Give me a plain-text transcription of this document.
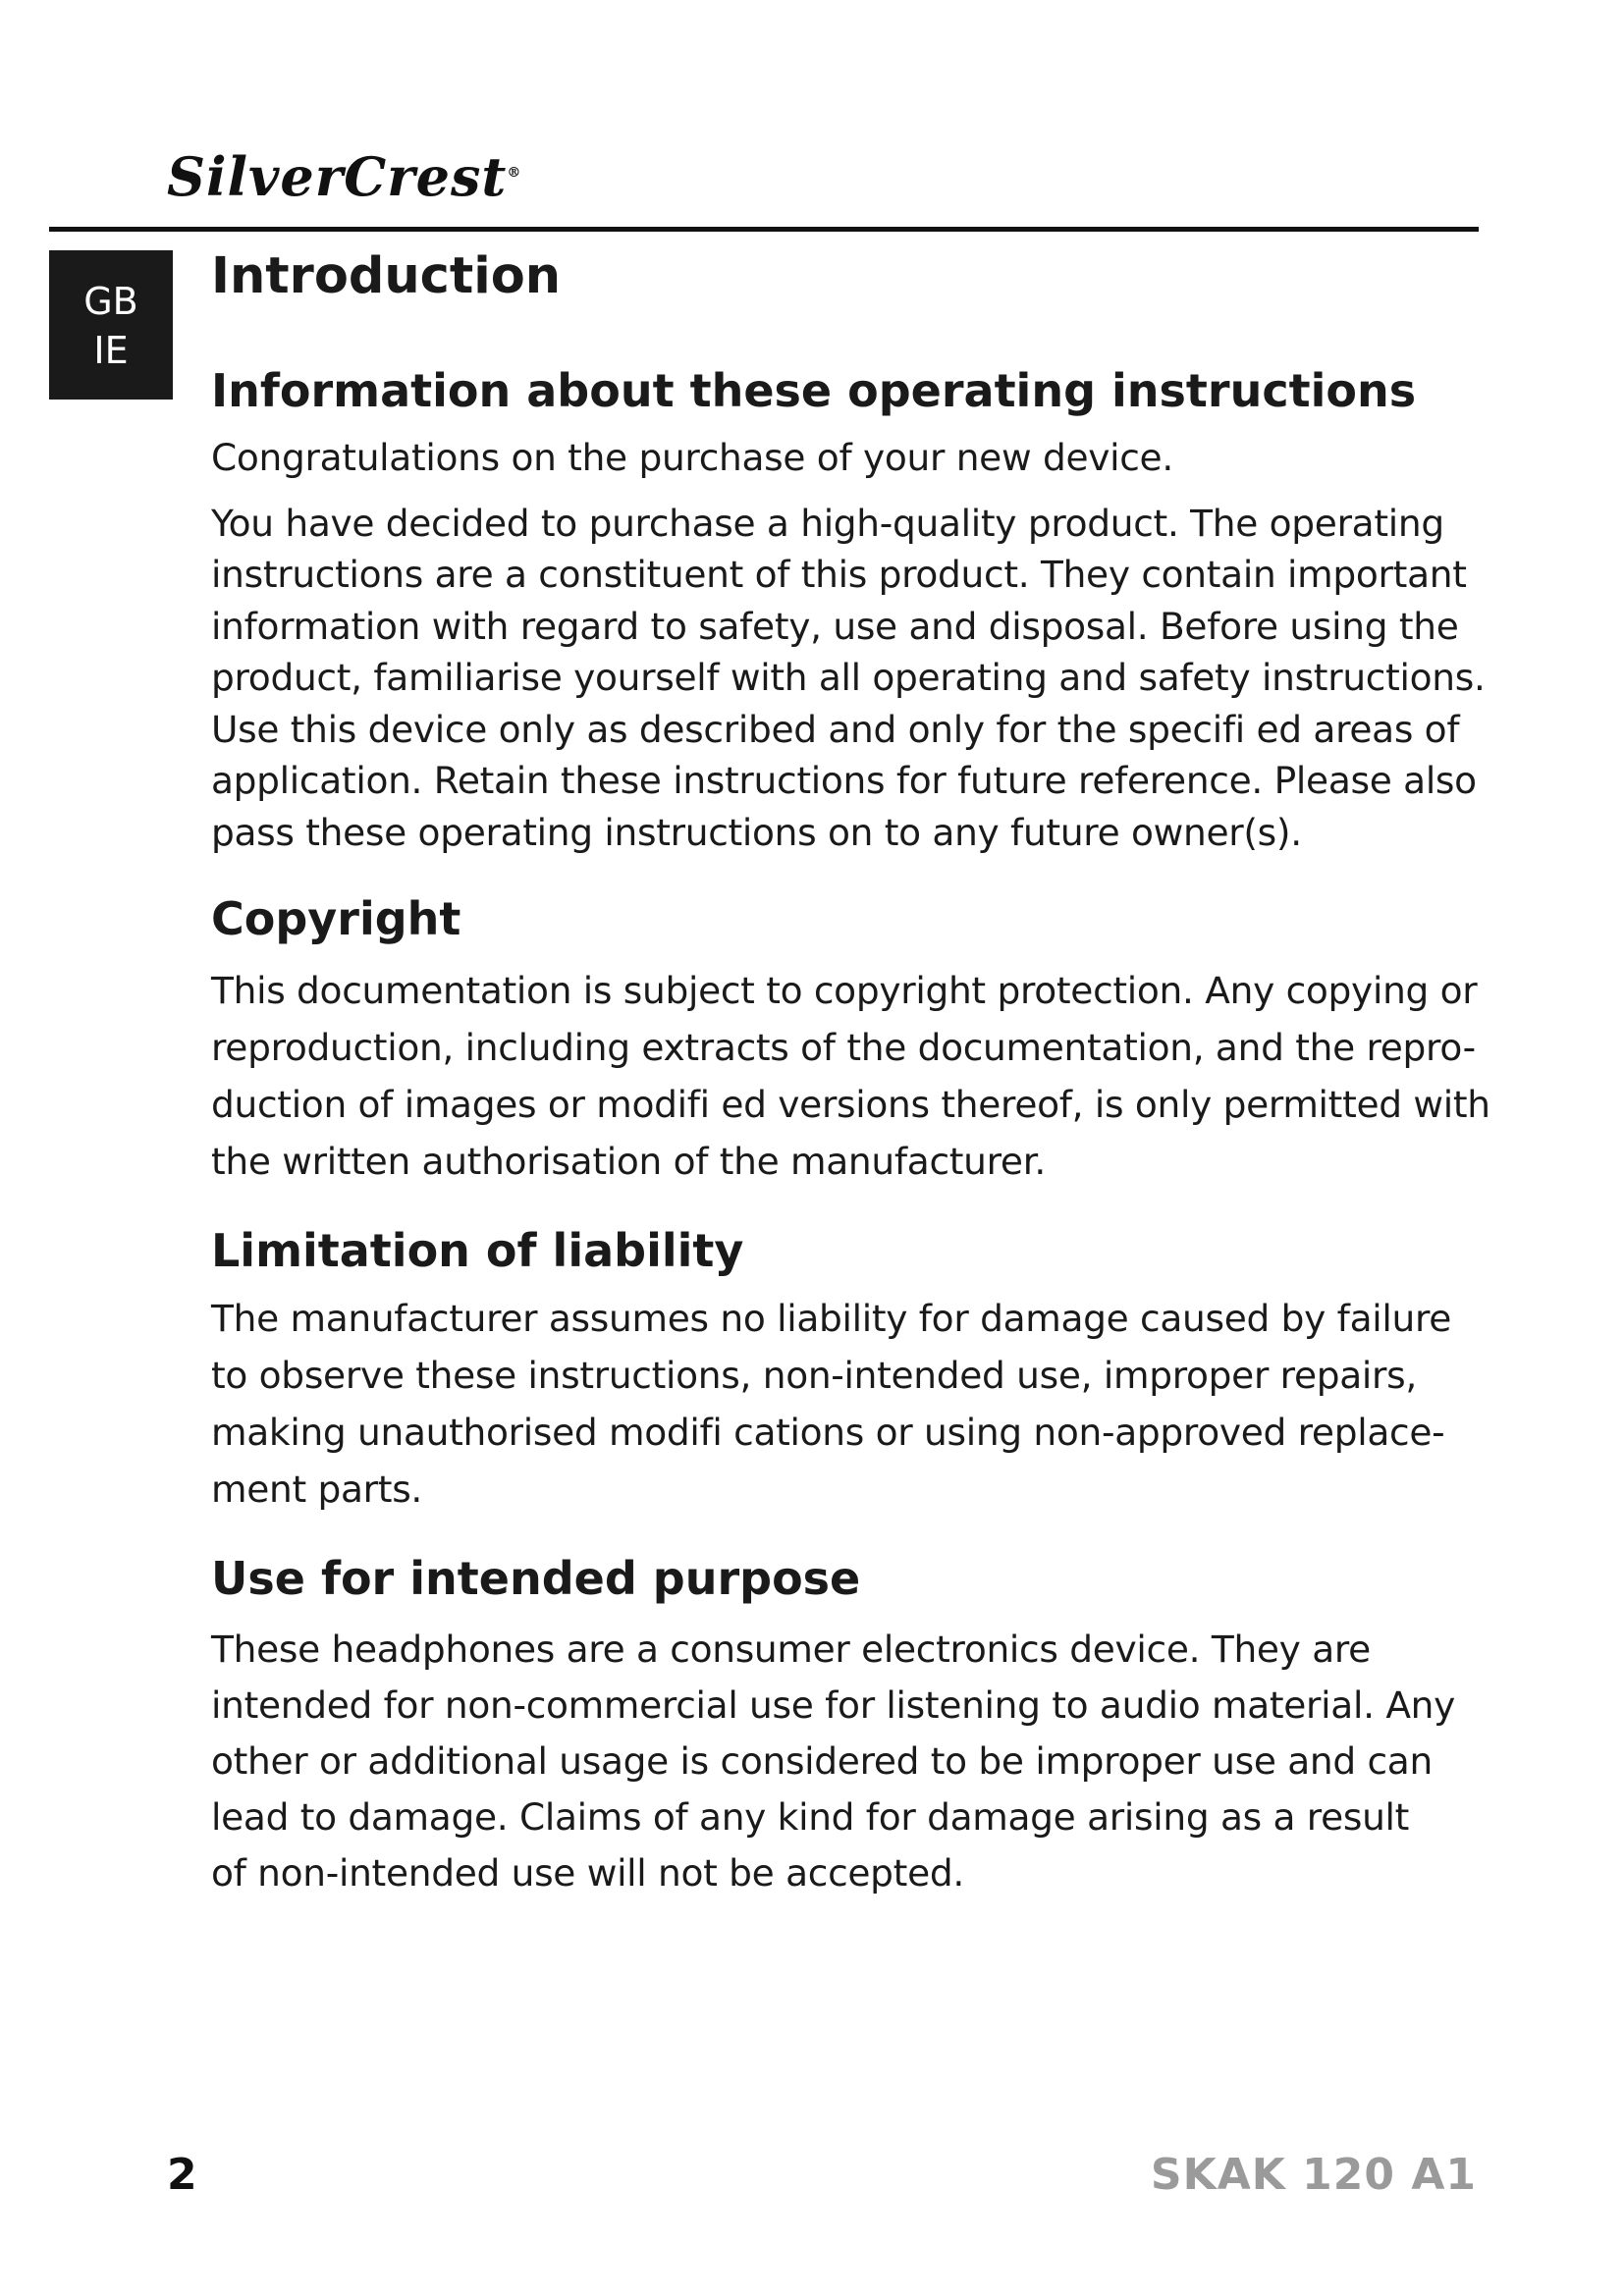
SilverCrest®
GB
IE
Introduction
Information about these operating instructions

Congratulations on the purchase of your new device.

You have decided to purchase a high-quality product. The operating
instructions are a constituent of this product. They contain important
information with regard to safety, use and disposal. Before using the
product, familiarise yourself with all operating and safety instructions.
Use this device only as described and only for the specifi ed areas of
application. Retain these instructions for future reference. Please also
pass these operating instructions on to any future owner(s).

Copyright

This documentation is subject to copyright protection. Any copying or
reproduction, including extracts of the documentation, and the repro-
duction of images or modifi ed versions thereof, is only permitted with
the written authorisation of the manufacturer.

Limitation of liability

The manufacturer assumes no liability for damage caused by failure
to observe these instructions, non-intended use, improper repairs,
making unauthorised modifi cations or using non-approved replace-
ment parts.

Use for intended purpose

These headphones are a consumer electronics device. They are
intended for non-commercial use for listening to audio material. Any
other or additional usage is considered to be improper use and can
lead to damage. Claims of any kind for damage arising as a result
of non-intended use will not be accepted.

2	SKAK 120 A1
